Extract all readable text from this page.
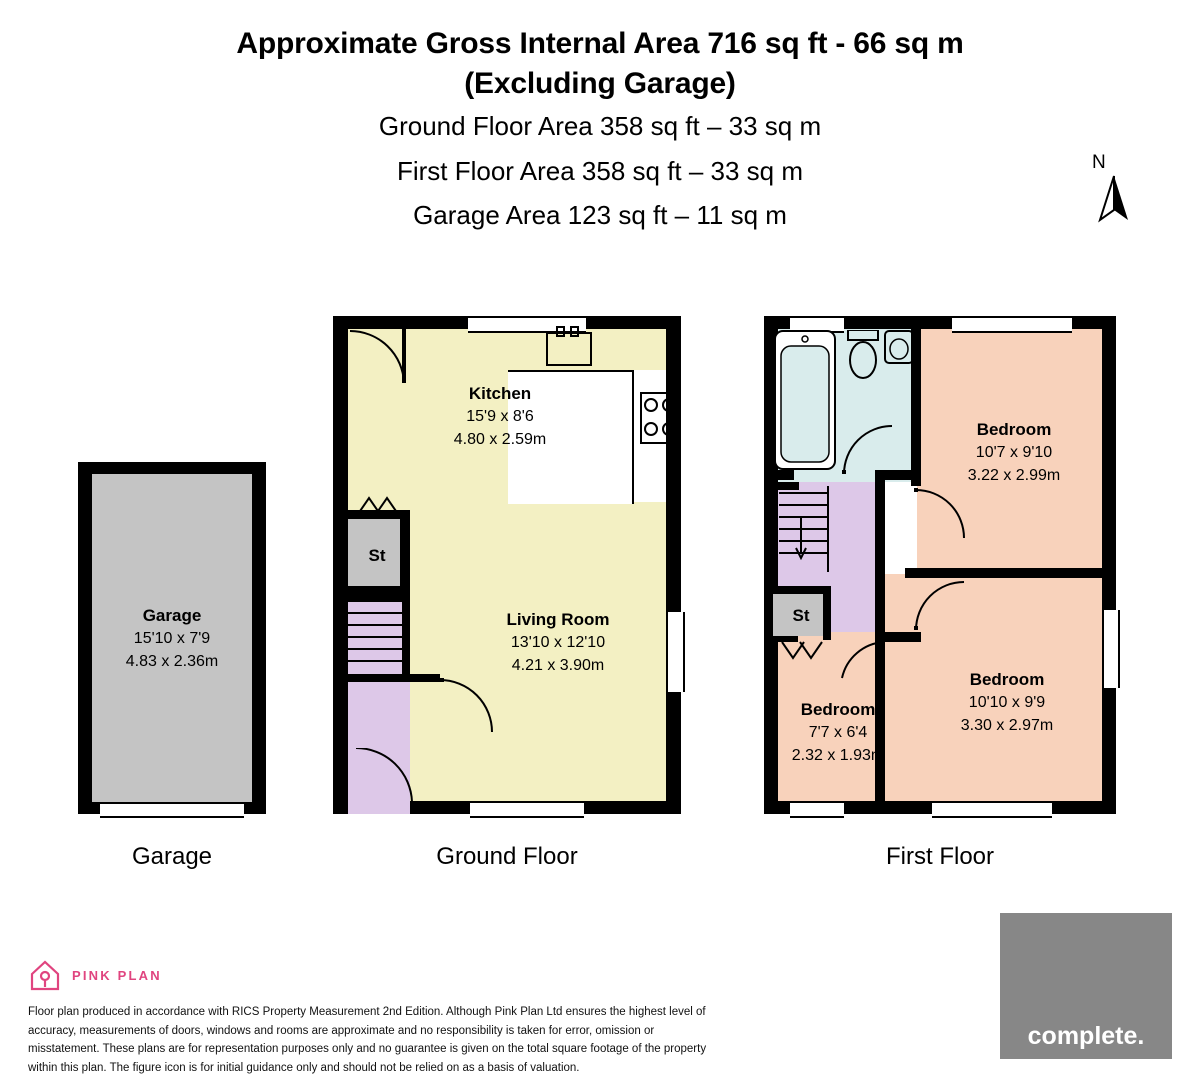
Approximate Gross Internal Area 716 sq ft - 66 sq m
(Excluding Garage)
Ground Floor Area 358 sq ft – 33 sq m
First Floor Area 358 sq ft – 33 sq m
Garage Area 123 sq ft – 11 sq m
N
Garage
15'10 x 7'9
4.83 x 2.36m
Garage
St
Kitchen
15'9 x 8'6
4.80 x 2.59m
Living Room
13'10 x 12'10
4.21 x 3.90m
Ground Floor
St
Bedroom
10'7 x 9'10
3.22 x 2.99m
Bedroom
10'10 x 9'9
3.30 x 2.97m
Bedroom
7'7 x 6'4
2.32 x 1.93m
First Floor
PINK PLAN
Floor plan produced in accordance with RICS Property Measurement 2nd Edition. Although Pink Plan Ltd ensures the highest level of accuracy, measurements of doors, windows and rooms are approximate and no responsibility is taken for error, omission or misstatement. These plans are for representation purposes only and no guarantee is given on the total square footage of the property within this plan. The figure icon is for initial guidance only and should not be relied on as a basis of valuation.
complete.
